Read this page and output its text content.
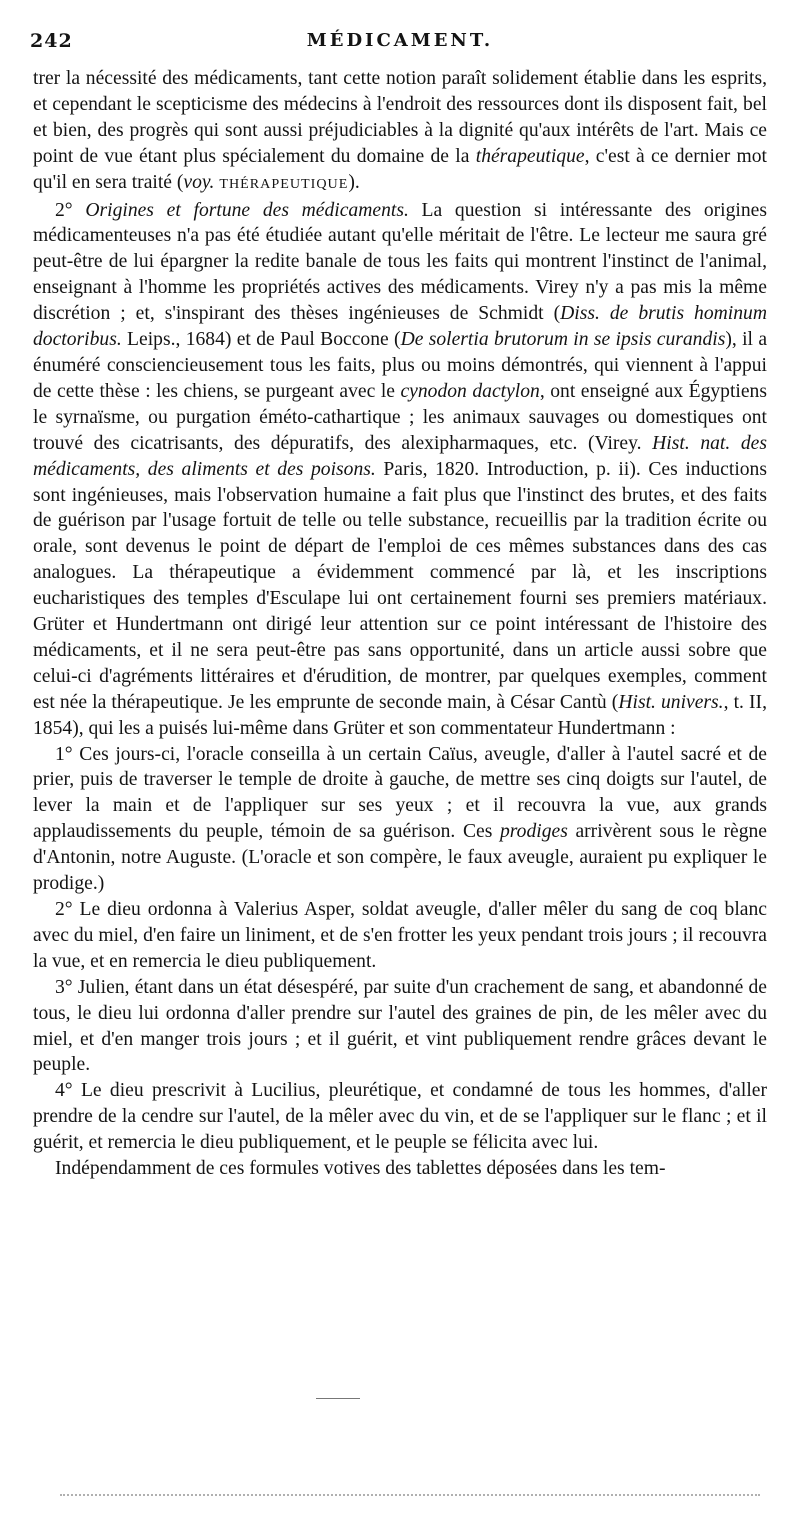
242	MÉDICAMENT.

trer la nécessité des médicaments, tant cette notion paraît solidement établie dans les esprits, et cependant le scepticisme des médecins à l'endroit des ressources dont ils disposent fait, bel et bien, des progrès qui sont aussi préjudiciables à la dignité qu'aux intérêts de l'art. Mais ce point de vue étant plus spécialement du domaine de la thérapeutique, c'est à ce dernier mot qu'il en sera traité (voy. THÉRAPEUTIQUE).

2° Origines et fortune des médicaments. La question si intéressante des origines médicamenteuses n'a pas été étudiée autant qu'elle méritait de l'être. Le lecteur me saura gré peut-être de lui épargner la redite banale de tous les faits qui montrent l'instinct de l'animal, enseignant à l'homme les propriétés actives des médicaments. Virey n'y a pas mis la même discrétion ; et, s'inspirant des thèses ingénieuses de Schmidt (Diss. de brutis hominum doctoribus. Leips., 1684) et de Paul Boccone (De solertia brutorum in se ipsis curandis), il a énuméré consciencieusement tous les faits, plus ou moins démontrés, qui viennent à l'appui de cette thèse : les chiens, se purgeant avec le cynodon dactylon, ont enseigné aux Égyptiens le syrnaïsme, ou purgation éméto-cathartique ; les animaux sauvages ou domestiques ont trouvé des cicatrisants, des dépuratifs, des alexipharmaques, etc. (Virey. Hist. nat. des médicaments, des aliments et des poisons. Paris, 1820. Introduction, p. ii). Ces inductions sont ingénieuses, mais l'observation humaine a fait plus que l'instinct des brutes, et des faits de guérison par l'usage fortuit de telle ou telle substance, recueillis par la tradition écrite ou orale, sont devenus le point de départ de l'emploi de ces mêmes substances dans des cas analogues. La thérapeutique a évidemment commencé par là, et les inscriptions eucharistiques des temples d'Esculape lui ont certainement fourni ses premiers matériaux. Grüter et Hundertmann ont dirigé leur attention sur ce point intéressant de l'histoire des médicaments, et il ne sera peut-être pas sans opportunité, dans un article aussi sobre que celui-ci d'agréments littéraires et d'érudition, de montrer, par quelques exemples, comment est née la thérapeutique. Je les emprunte de seconde main, à César Cantù (Hist. univers., t. II, 1854), qui les a puisés lui-même dans Grüter et son commentateur Hundertmann :

1° Ces jours-ci, l'oracle conseilla à un certain Caïus, aveugle, d'aller à l'autel sacré et de prier, puis de traverser le temple de droite à gauche, de mettre ses cinq doigts sur l'autel, de lever la main et de l'appliquer sur ses yeux ; et il recouvra la vue, aux grands applaudissements du peuple, témoin de sa guérison. Ces prodiges arrivèrent sous le règne d'Antonin, notre Auguste. (L'oracle et son compère, le faux aveugle, auraient pu expliquer le prodige.)

2° Le dieu ordonna à Valerius Asper, soldat aveugle, d'aller mêler du sang de coq blanc avec du miel, d'en faire un liniment, et de s'en frotter les yeux pendant trois jours ; il recouvra la vue, et en remercia le dieu publiquement.

3° Julien, étant dans un état désespéré, par suite d'un crachement de sang, et abandonné de tous, le dieu lui ordonna d'aller prendre sur l'autel des graines de pin, de les mêler avec du miel, et d'en manger trois jours ; et il guérit, et vint publiquement rendre grâces devant le peuple.

4° Le dieu prescrivit à Lucilius, pleurétique, et condamné de tous les hommes, d'aller prendre de la cendre sur l'autel, de la mêler avec du vin, et de se l'appliquer sur le flanc ; et il guérit, et remercia le dieu publiquement, et le peuple se félicita avec lui.

Indépendamment de ces formules votives des tablettes déposées dans les tem-
